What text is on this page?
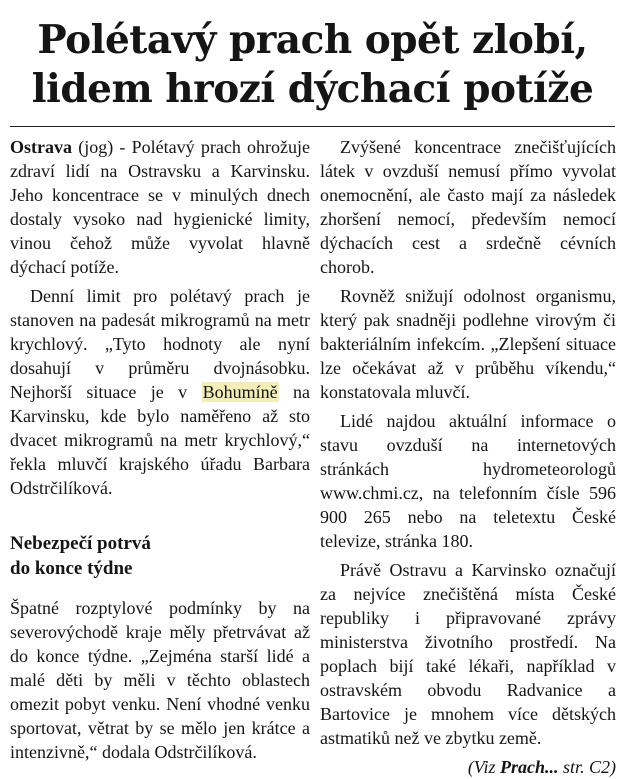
Polétavý prach opět zlobí,
lidem hrozí dýchací potíže

Ostrava (jog) - Polétavý prach ohrožuje zdraví lidí na Ostravsku a Karvinsku. Jeho koncentrace se v minulých dnech dostaly vysoko nad hygienické limity, vinou čehož může vyvolat hlavně dýchací potíže.

Denní limit pro polétavý prach je stanoven na padesát mikrogramů na metr krychlový. „Tyto hodnoty ale nyní dosahují v průměru dvojnásobku. Nejhorší situace je v Bohumíně na Karvinsku, kde bylo naměřeno až sto dvacet mikrogramů na metr krychlový,“ řekla mluvčí krajského úřadu Barbara Odstrčilíková.

Nebezpečí potrvá
do konce týdne

Špatné rozptylové podmínky by na severovýchodě kraje měly přetrvávat až do konce týdne. „Zejména starší lidé a malé děti by měli v těchto oblastech omezit pobyt venku. Není vhodné venku sportovat, větrat by se mělo jen krátce a intenzivně,“ dodala Odstrčilíková.

Zvýšené koncentrace znečišťujících látek v ovzduší nemusí přímo vyvolat onemocnění, ale často mají za následek zhoršení nemocí, především nemocí dýchacích cest a srdečně cévních chorob.

Rovněž snižují odolnost organismu, který pak snadněji podlehne virovým či bakteriálním infekcím. „Zlepšení situace lze očekávat až v průběhu víkendu,“ konstatovala mluvčí.

Lidé najdou aktuální informace o stavu ovzduší na internetových stránkách hydrometeorologů www.chmi.cz, na telefonním čísle 596 900 265 nebo na teletextu České televize, stránka 180.

Právě Ostravu a Karvinsko označují za nejvíce znečištěná místa České republiky i připravované zprávy ministerstva životního prostředí. Na poplach bijí také lékaři, například v ostravském obvodu Radvanice a Bartovice je mnohem více dětských astmatiků než ve zbytku země.

(Viz Prach... str. C2)
